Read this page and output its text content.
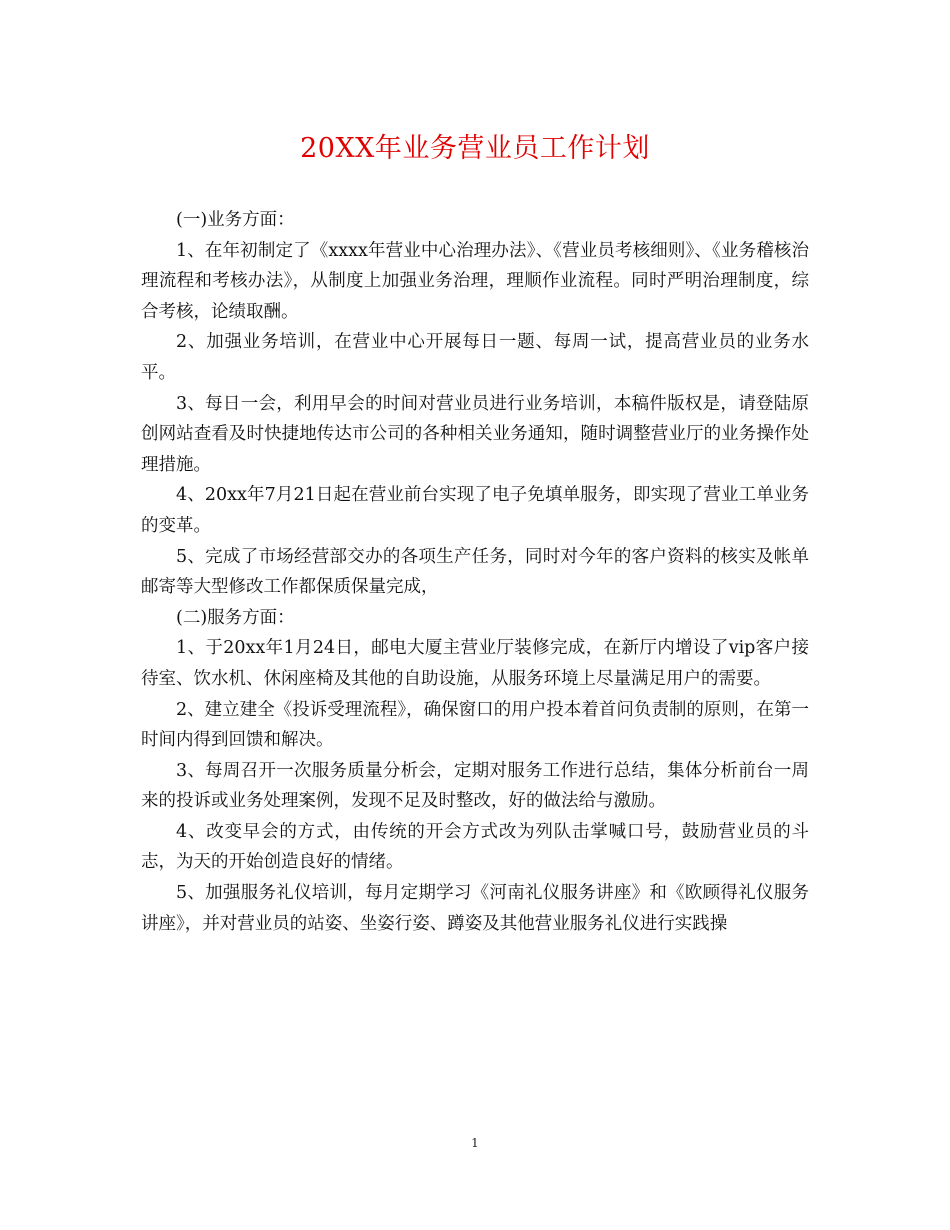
20XX年业务营业员工作计划

(一)业务方面：

1、在年初制定了《xxxx年营业中心治理办法》、《营业员考核细则》、《业务稽核治理流程和考核办法》，从制度上加强业务治理，理顺作业流程。同时严明治理制度，综合考核，论绩取酬。

2、加强业务培训，在营业中心开展每日一题、每周一试，提高营业员的业务水平。

3、每日一会，利用早会的时间对营业员进行业务培训，本稿件版权是，请登陆原创网站查看及时快捷地传达市公司的各种相关业务通知，随时调整营业厅的业务操作处理措施。

4、20xx年7月21日起在营业前台实现了电子免填单服务，即实现了营业工单业务的变革。

5、完成了市场经营部交办的各项生产任务，同时对今年的客户资料的核实及帐单邮寄等大型修改工作都保质保量完成，

(二)服务方面：

1、于20xx年1月24日，邮电大厦主营业厅装修完成，在新厅内增设了vip客户接待室、饮水机、休闲座椅及其他的自助设施，从服务环境上尽量满足用户的需要。

2、建立建全《投诉受理流程》，确保窗口的用户投本着首问负责制的原则，在第一时间内得到回馈和解决。

3、每周召开一次服务质量分析会，定期对服务工作进行总结，集体分析前台一周来的投诉或业务处理案例，发现不足及时整改，好的做法给与激励。

4、改变早会的方式，由传统的开会方式改为列队击掌喊口号，鼓励营业员的斗志，为天的开始创造良好的情绪。

5、加强服务礼仪培训，每月定期学习《河南礼仪服务讲座》和《欧顾得礼仪服务讲座》，并对营业员的站姿、坐姿行姿、蹲姿及其他营业服务礼仪进行实践操

1
